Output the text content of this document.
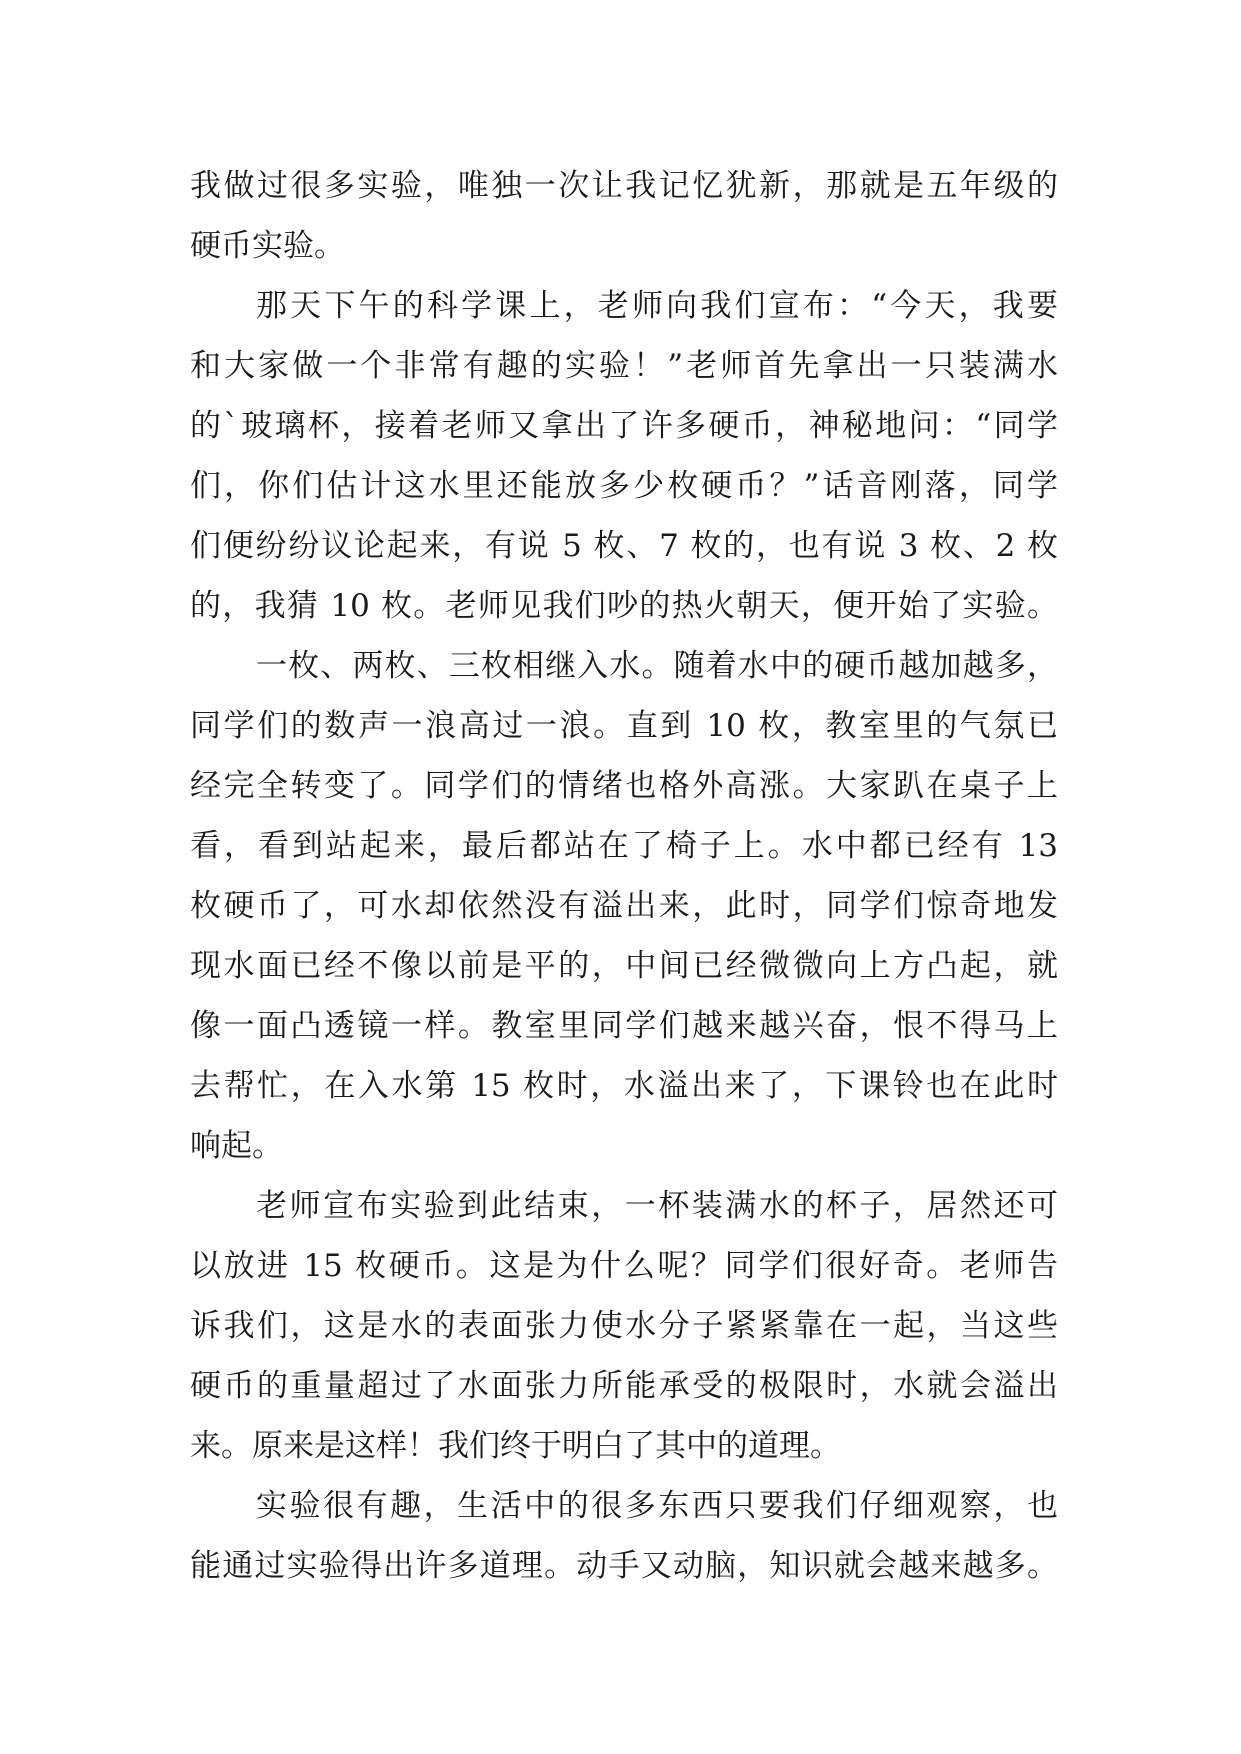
我做过很多实验，唯独一次让我记忆犹新，那就是五年级的
硬币实验。
那天下午的科学课上，老师向我们宣布：“今天，我要
和大家做一个非常有趣的实验！”老师首先拿出一只装满水
的`玻璃杯，接着老师又拿出了许多硬币，神秘地问：“同学
们，你们估计这水里还能放多少枚硬币？”话音刚落，同学
们便纷纷议论起来，有说 5 枚、7 枚的，也有说 3 枚、2 枚
的，我猜 10 枚。老师见我们吵的热火朝天，便开始了实验。
一枚、两枚、三枚相继入水。随着水中的硬币越加越多，
同学们的数声一浪高过一浪。直到 10 枚，教室里的气氛已
经完全转变了。同学们的情绪也格外高涨。大家趴在桌子上
看，看到站起来，最后都站在了椅子上。水中都已经有 13
枚硬币了，可水却依然没有溢出来，此时，同学们惊奇地发
现水面已经不像以前是平的，中间已经微微向上方凸起，就
像一面凸透镜一样。教室里同学们越来越兴奋，恨不得马上
去帮忙，在入水第 15 枚时，水溢出来了，下课铃也在此时
响起。
老师宣布实验到此结束，一杯装满水的杯子，居然还可
以放进 15 枚硬币。这是为什么呢？同学们很好奇。老师告
诉我们，这是水的表面张力使水分子紧紧靠在一起，当这些
硬币的重量超过了水面张力所能承受的极限时，水就会溢出
来。原来是这样！我们终于明白了其中的道理。
实验很有趣，生活中的很多东西只要我们仔细观察，也
能通过实验得出许多道理。动手又动脑，知识就会越来越多。
